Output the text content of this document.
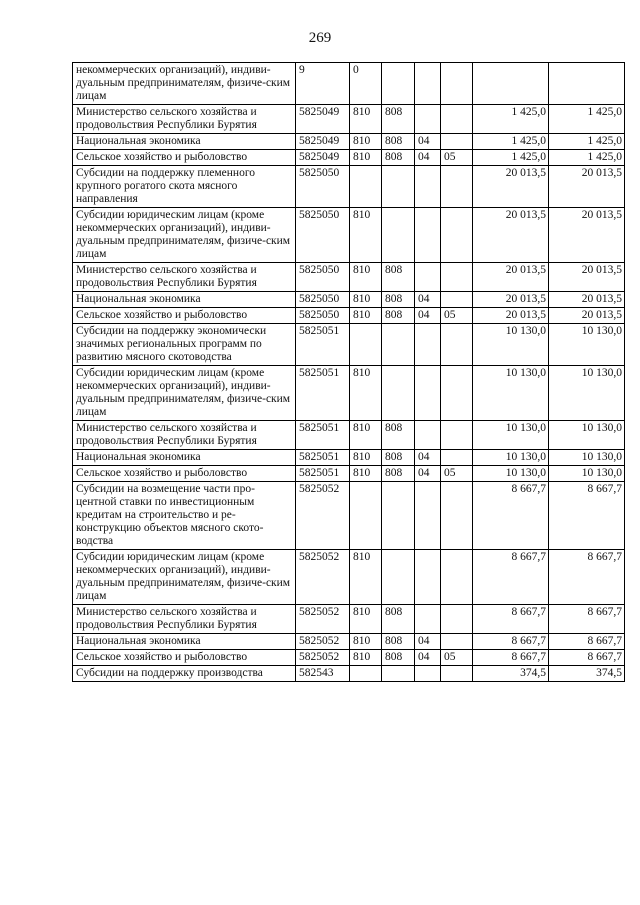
269
некоммерческих организаций), индиви-дуальным предпринимателям, физиче-ским лицам	9	0					
Министерство сельского хозяйства и продовольствия Республики Бурятия	5825049	810	808			1 425,0	1 425,0
Национальная экономика	5825049	810	808	04		1 425,0	1 425,0
Сельское хозяйство и рыболовство	5825049	810	808	04	05	1 425,0	1 425,0
Субсидии на поддержку племенного крупного рогатого скота мясного направления	5825050					20 013,5	20 013,5
Субсидии юридическим лицам (кроме некоммерческих организаций), индиви-дуальным предпринимателям, физиче-ским лицам	5825050	810				20 013,5	20 013,5
Министерство сельского хозяйства и продовольствия Республики Бурятия	5825050	810	808			20 013,5	20 013,5
Национальная экономика	5825050	810	808	04		20 013,5	20 013,5
Сельское хозяйство и рыболовство	5825050	810	808	04	05	20 013,5	20 013,5
Субсидии на поддержку экономически значимых региональных программ по развитию мясного скотоводства	5825051					10 130,0	10 130,0
Субсидии юридическим лицам (кроме некоммерческих организаций), индиви-дуальным предпринимателям, физиче-ским лицам	5825051	810				10 130,0	10 130,0
Министерство сельского хозяйства и продовольствия Республики Бурятия	5825051	810	808			10 130,0	10 130,0
Национальная экономика	5825051	810	808	04		10 130,0	10 130,0
Сельское хозяйство и рыболовство	5825051	810	808	04	05	10 130,0	10 130,0
Субсидии на возмещение части про-центной ставки по инвестиционным кредитам на строительство и ре-конструкцию объектов мясного ското-водства	5825052					8 667,7	8 667,7
Субсидии юридическим лицам (кроме некоммерческих организаций), индиви-дуальным предпринимателям, физиче-ским лицам	5825052	810				8 667,7	8 667,7
Министерство сельского хозяйства и продовольствия Республики Бурятия	5825052	810	808			8 667,7	8 667,7
Национальная экономика	5825052	810	808	04		8 667,7	8 667,7
Сельское хозяйство и рыболовство	5825052	810	808	04	05	8 667,7	8 667,7
Субсидии на поддержку производства	582543					374,5	374,5
